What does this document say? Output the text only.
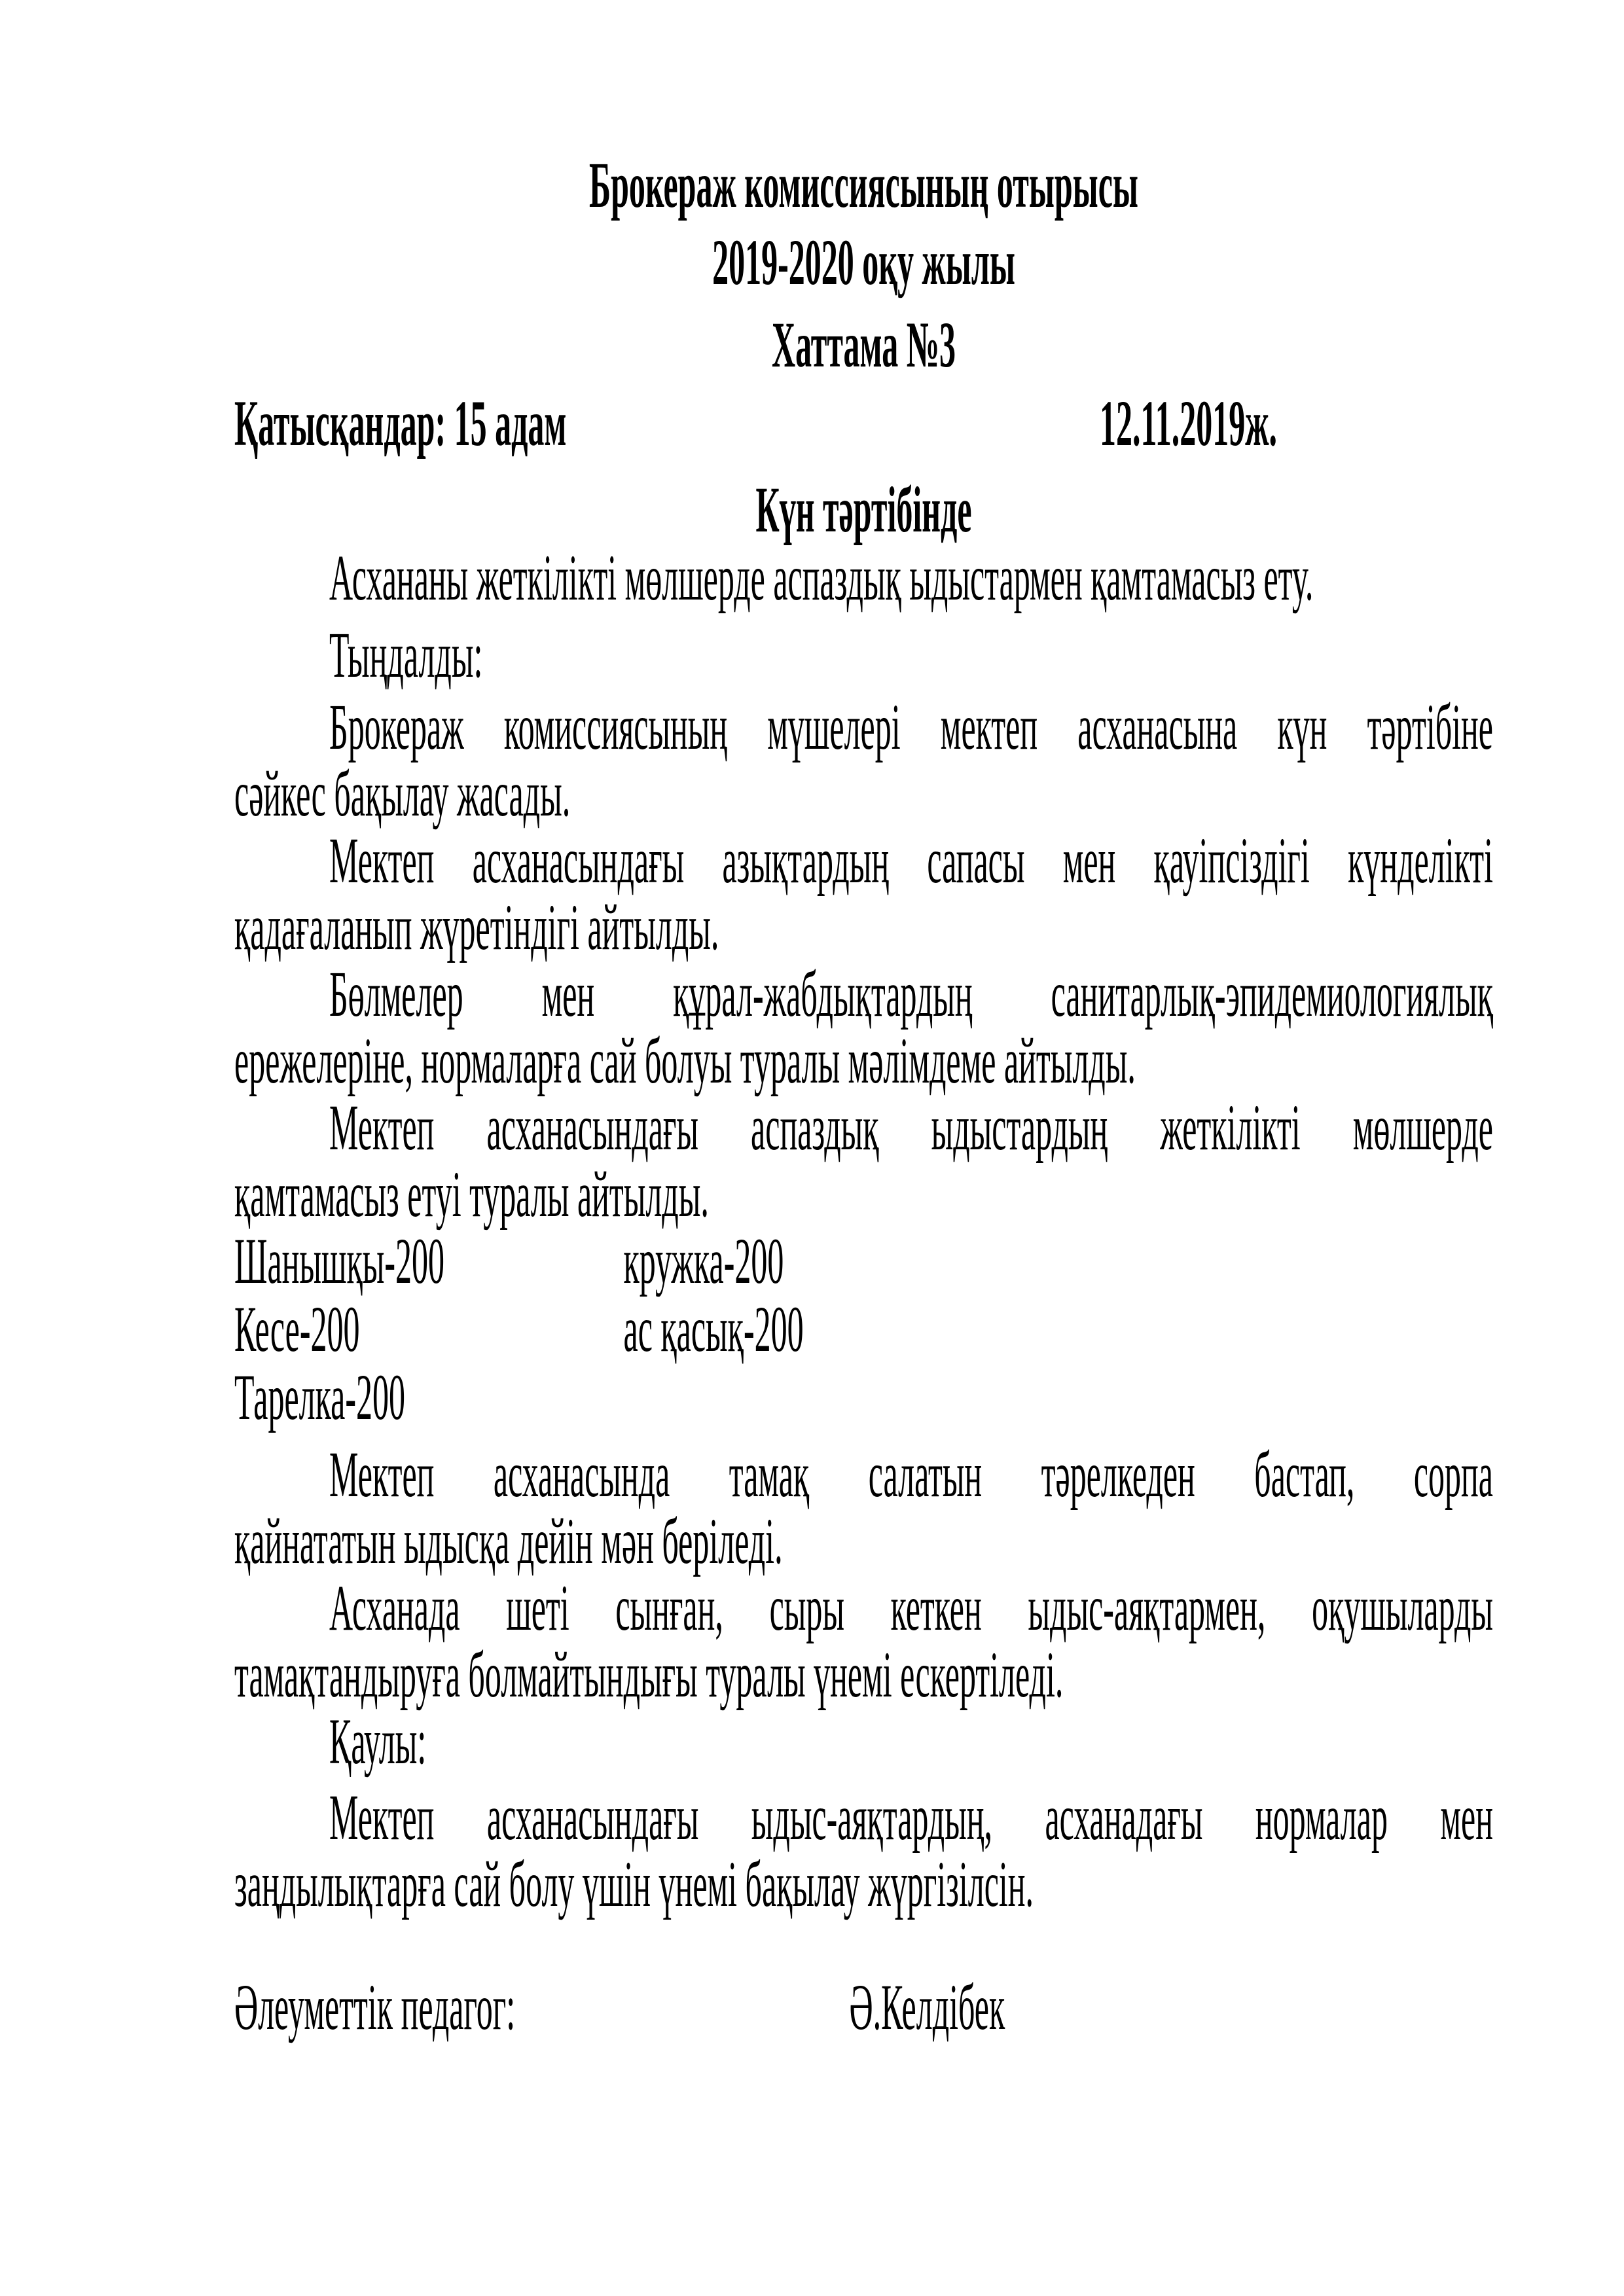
Брокераж комиссиясының отырысы
2019-2020 оқу жылы
Хаттама №3
Қатысқандар: 15 адам	12.11.2019ж.
Күн тәртібінде
Асхананы жеткілікті мөлшерде аспаздық ыдыстармен қамтамасыз ету.
Тыңдалды:
Брокераж комиссиясының мүшелері мектеп асханасына күн тәртібіне
сәйкес бақылау жасады.
Мектеп асханасындағы азықтардың сапасы мен қауіпсіздігі күнделікті
қадағаланып жүретіндігі айтылды.
Бөлмелер мен құрал-жабдықтардың санитарлық-эпидемиологиялық
ережелеріне, нормаларға сай болуы туралы мәлімдеме айтылды.
Мектеп асханасындағы аспаздық ыдыстардың жеткілікті мөлшерде
қамтамасыз етуі туралы айтылды.
Шанышқы-200	кружка-200
Кесе-200	ас қасық-200
Тарелка-200
Мектеп асханасында тамақ салатын тәрелкеден бастап, сорпа
қайнататын ыдысқа дейін мән беріледі.
Асханада шеті сынған, сыры кеткен ыдыс-аяқтармен, оқушыларды
тамақтандыруға болмайтындығы туралы үнемі ескертіледі.
Қаулы:
Мектеп асханасындағы ыдыс-аяқтардың, асханадағы нормалар мен
заңдылықтарға сай болу үшін үнемі бақылау жүргізілсін.
Әлеуметтік педагог:	Ә.Келдібек
